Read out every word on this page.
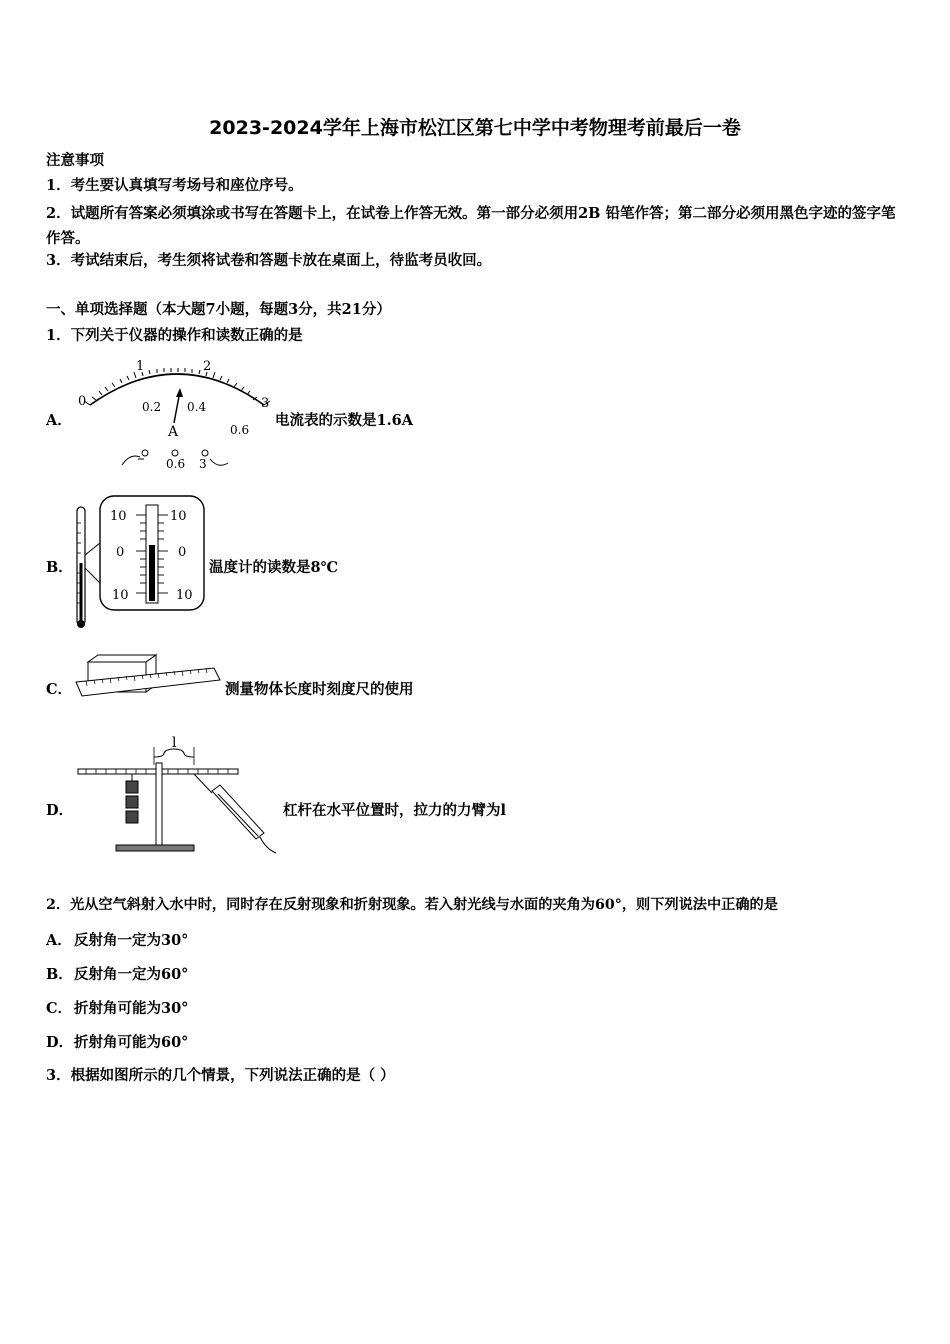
2023-2024学年上海市松江区第七中学中考物理考前最后一卷
注意事项
1．考生要认真填写考场号和座位序号。
2．试题所有答案必须填涂或书写在答题卡上，在试卷上作答无效。第一部分必须用2B 铅笔作答；第二部分必须用黑色字迹的签字笔作答。
3．考试结束后，考生须将试卷和答题卡放在桌面上，待监考员收回。
一、单项选择题（本大题7小题，每题3分，共21分）
1．下列关于仪器的操作和读数正确的是
A．
0
1	2
3
0.2 0.4
0.6
A
0.6 3
电流表的示数是1.6A
B．
10	10
0	0
10	10
温度计的读数是8℃
C．	测量物体长度时刻度尺的使用
D．
l
杠杆在水平位置时，拉力的力臂为l
2．光从空气斜射入水中时，同时存在反射现象和折射现象。若入射光线与水面的夹角为60°，则下列说法中正确的是
A． 反射角一定为30°
B． 反射角一定为60°
C． 折射角可能为30°
D． 折射角可能为60°
3．根据如图所示的几个情景，下列说法正确的是（ ）
